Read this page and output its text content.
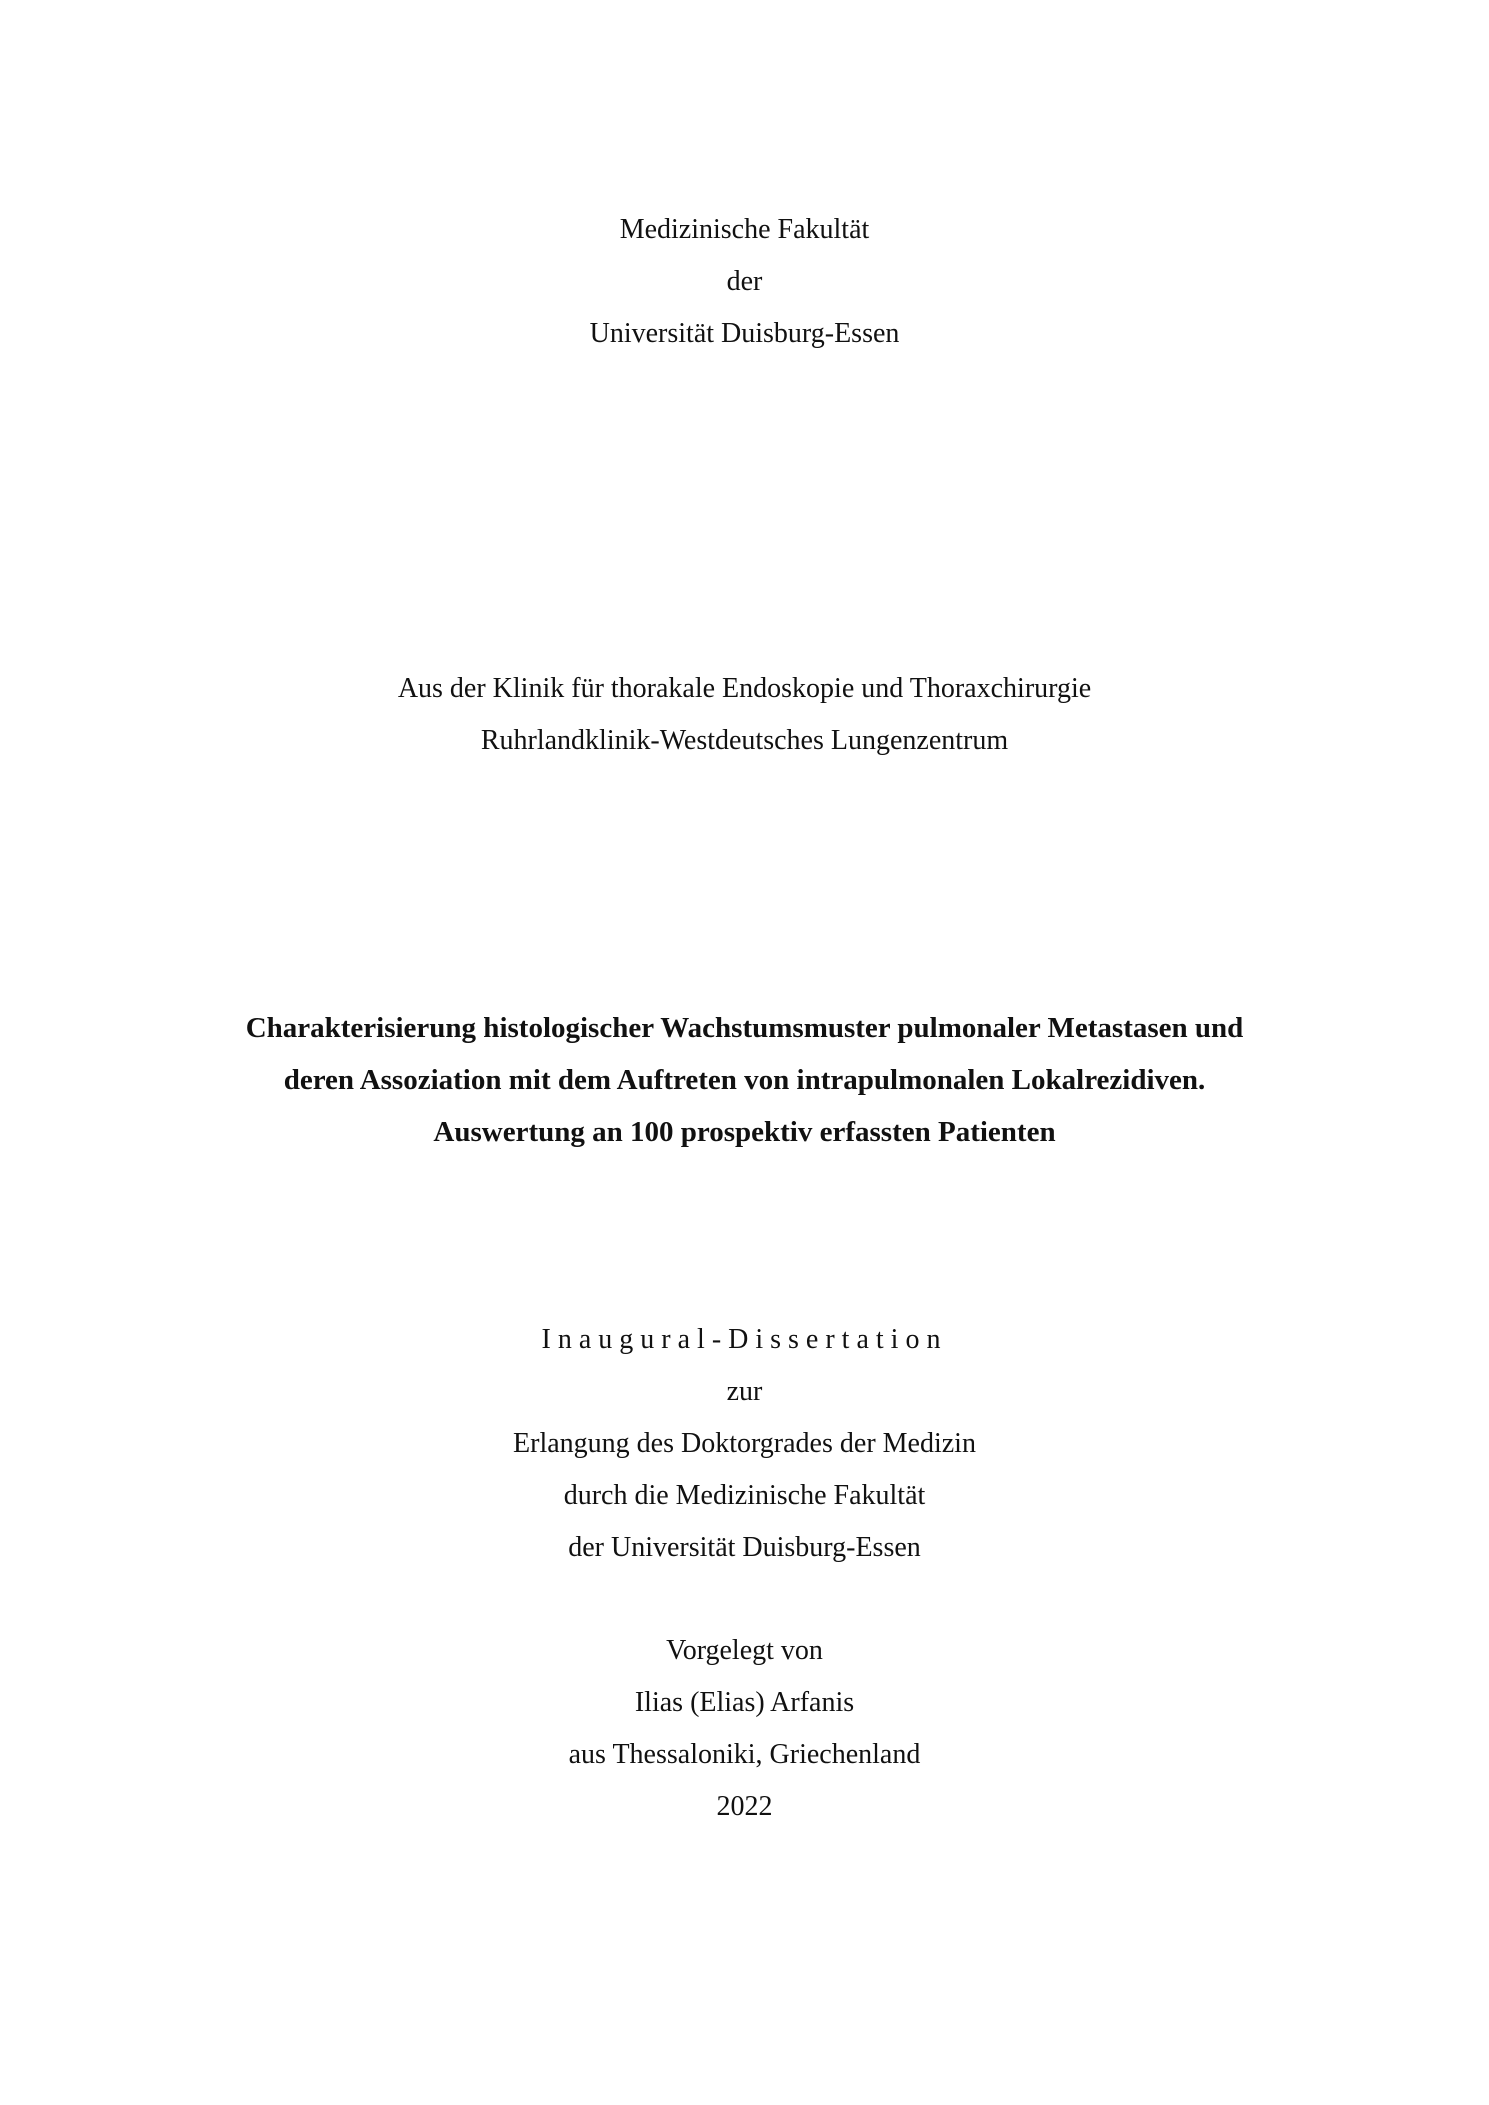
Medizinische Fakultät
der
Universität Duisburg-Essen
Aus der Klinik für thorakale Endoskopie und Thoraxchirurgie
Ruhrlandklinik-Westdeutsches Lungenzentrum
Charakterisierung histologischer Wachstumsmuster pulmonaler Metastasen und
deren Assoziation mit dem Auftreten von intrapulmonalen Lokalrezidiven.
Auswertung an 100 prospektiv erfassten Patienten
Inaugural-Dissertation
zur
Erlangung des Doktorgrades der Medizin
durch die Medizinische Fakultät
der Universität Duisburg-Essen
Vorgelegt von
Ilias (Elias) Arfanis
aus Thessaloniki, Griechenland
2022
